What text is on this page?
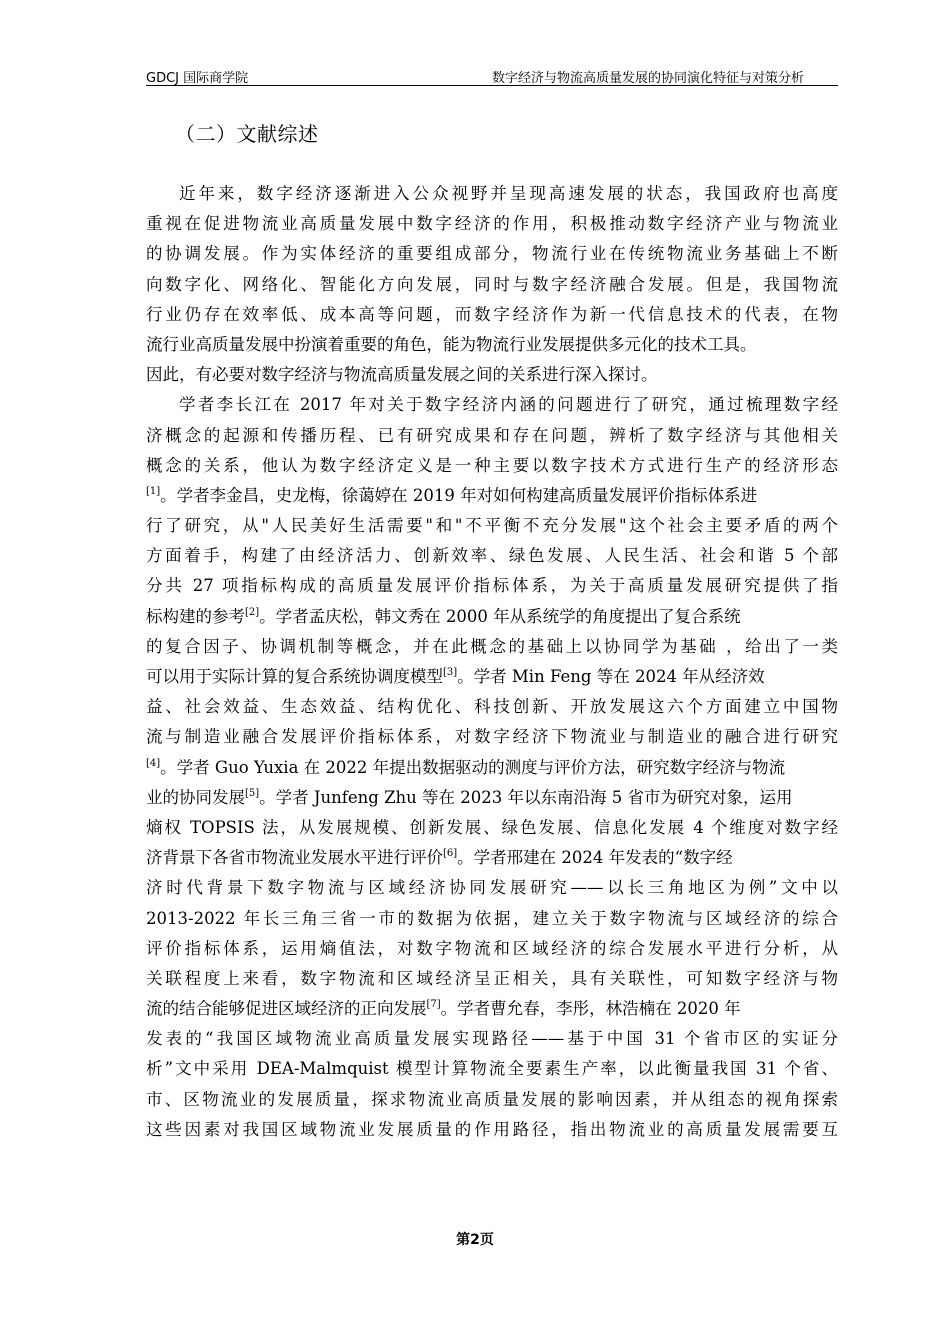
GDCJ 国际商学院	数字经济与物流高质量发展的协同演化特征与对策分析
（二）文献综述
近年来，数字经济逐渐进入公众视野并呈现高速发展的状态，我国政府也高度
重视在促进物流业高质量发展中数字经济的作用，积极推动数字经济产业与物流业
的协调发展。作为实体经济的重要组成部分，物流行业在传统物流业务基础上不断
向数字化、网络化、智能化方向发展，同时与数字经济融合发展。但是，我国物流
行业仍存在效率低、成本高等问题，而数字经济作为新一代信息技术的代表，在物
流行业高质量发展中扮演着重要的角色，能为物流行业发展提供多元化的技术工具。
因此，有必要对数字经济与物流高质量发展之间的关系进行深入探讨。
学者李长江在 2017 年对关于数字经济内涵的问题进行了研究，通过梳理数字经
济概念的起源和传播历程、已有研究成果和存在问题，辨析了数字经济与其他相关
概念的关系，他认为数字经济定义是一种主要以数字技术方式进行生产的经济形态
[1]。学者李金昌，史龙梅，徐蔼婷在 2019 年对如何构建高质量发展评价指标体系进
行了研究，从"人民美好生活需要"和"不平衡不充分发展"这个社会主要矛盾的两个
方面着手，构建了由经济活力、创新效率、绿色发展、人民生活、社会和谐 5 个部
分共 27 项指标构成的高质量发展评价指标体系，为关于高质量发展研究提供了指
标构建的参考[2]。学者孟庆松，韩文秀在 2000 年从系统学的角度提出了复合系统
的复合因子、协调机制等概念，并在此概念的基础上以协同学为基础 ，给出了一类
可以用于实际计算的复合系统协调度模型[3]。学者 Min Feng 等在 2024 年从经济效
益、社会效益、生态效益、结构优化、科技创新、开放发展这六个方面建立中国物
流与制造业融合发展评价指标体系，对数字经济下物流业与制造业的融合进行研究
[4]。学者 Guo Yuxia 在 2022 年提出数据驱动的测度与评价方法，研究数字经济与物流
业的协同发展[5]。学者 Junfeng Zhu 等在 2023 年以东南沿海 5 省市为研究对象，运用
熵权 TOPSIS 法，从发展规模、创新发展、绿色发展、信息化发展 4 个维度对数字经
济背景下各省市物流业发展水平进行评价[6]。学者邢建在 2024 年发表的“数字经
济时代背景下数字物流与区域经济协同发展研究——以长三角地区为例”文中以
2013-2022 年长三角三省一市的数据为依据，建立关于数字物流与区域经济的综合
评价指标体系，运用熵值法，对数字物流和区域经济的综合发展水平进行分析，从
关联程度上来看，数字物流和区域经济呈正相关，具有关联性，可知数字经济与物
流的结合能够促进区域经济的正向发展[7]。学者曹允春，李彤，林浩楠在 2020 年
发表的“我国区域物流业高质量发展实现路径——基于中国 31 个省市区的实证分
析”文中采用 DEA-Malmquist 模型计算物流全要素生产率，以此衡量我国 31 个省、
市、区物流业的发展质量，探求物流业高质量发展的影响因素，并从组态的视角探索
这些因素对我国区域物流业发展质量的作用路径，指出物流业的高质量发展需要互
第2页
